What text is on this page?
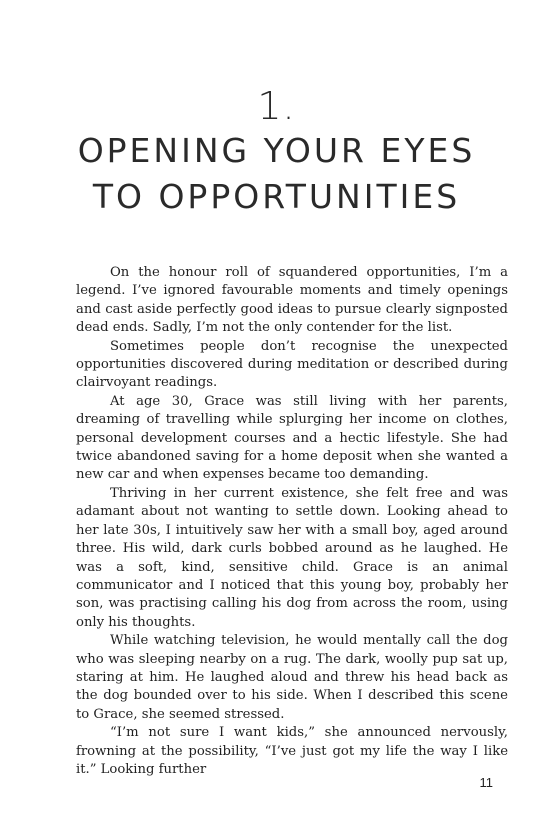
1.
OPENING YOUR EYES
TO OPPORTUNITIES

On the honour roll of squandered opportunities, I’m a legend. I’ve ignored favourable moments and timely openings and cast aside perfectly good ideas to pursue clearly signposted dead ends. Sadly, I’m not the only contender for the list.

Sometimes people don’t recognise the unexpected opportunities discovered during meditation or described during clairvoyant readings.

At age 30, Grace was still living with her parents, dreaming of travelling while splurging her income on clothes, personal development courses and a hectic lifestyle. She had twice abandoned saving for a home deposit when she wanted a new car and when expenses became too demanding.

Thriving in her current existence, she felt free and was adamant about not wanting to settle down. Looking ahead to her late 30s, I intuitively saw her with a small boy, aged around three. His wild, dark curls bobbed around as he laughed. He was a soft, kind, sensitive child. Grace is an animal communicator and I noticed that this young boy, probably her son, was practising calling his dog from across the room, using only his thoughts.

While watching television, he would mentally call the dog who was sleeping nearby on a rug. The dark, woolly pup sat up, staring at him. He laughed aloud and threw his head back as the dog bounded over to his side. When I described this scene to Grace, she seemed stressed.

“I’m not sure I want kids,” she announced nervously, frowning at the possibility, “I’ve just got my life the way I like it.” Looking further

11
